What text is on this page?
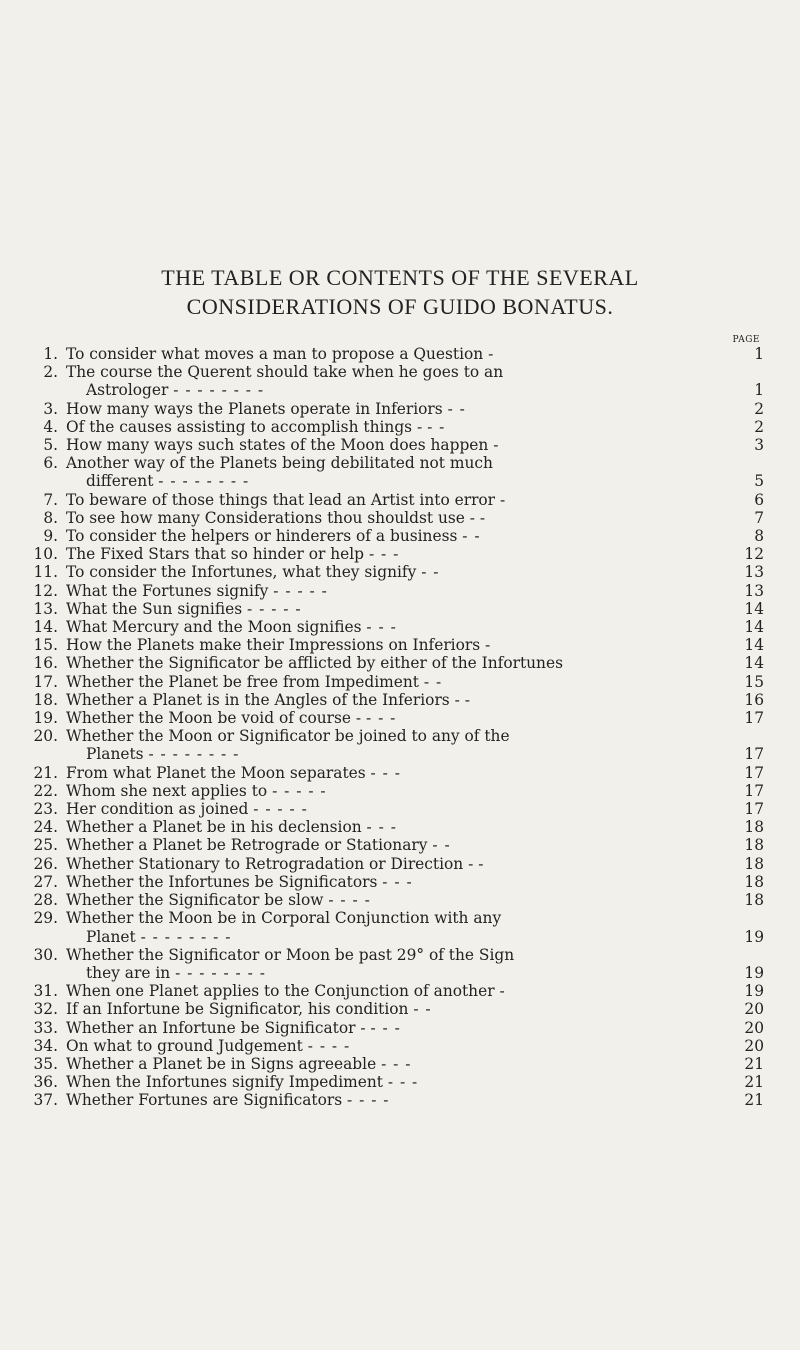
THE TABLE OR CONTENTS OF THE SEVERAL
CONSIDERATIONS OF GUIDO BONATUS.
PAGE
1. To consider what moves a man to propose a Question -	1
2. The course the Querent should take when he goes to an
Astrologer - - - - - - - -	1
3. How many ways the Planets operate in Inferiors - -	2
4. Of the causes assisting to accomplish things - - -	2
5. How many ways such states of the Moon does happen -	3
6. Another way of the Planets being debilitated not much
different - - - - - - - -	5
7. To beware of those things that lead an Artist into error -	6
8. To see how many Considerations thou shouldst use - -	7
9. To consider the helpers or hinderers of a business - -	8
10. The Fixed Stars that so hinder or help - - -	12
11. To consider the Infortunes, what they signify - -	13
12. What the Fortunes signify - - - - -	13
13. What the Sun signifies - - - - -	14
14. What Mercury and the Moon signifies - - -	14
15. How the Planets make their Impressions on Inferiors -	14
16. Whether the Significator be afflicted by either of the Infortunes	14
17. Whether the Planet be free from Impediment - -	15
18. Whether a Planet is in the Angles of the Inferiors - -	16
19. Whether the Moon be void of course - - - -	17
20. Whether the Moon or Significator be joined to any of the
Planets - - - - - - - -	17
21. From what Planet the Moon separates - - -	17
22. Whom she next applies to - - - - -	17
23. Her condition as joined - - - - -	17
24. Whether a Planet be in his declension - - -	18
25. Whether a Planet be Retrograde or Stationary - -	18
26. Whether Stationary to Retrogradation or Direction - -	18
27. Whether the Infortunes be Significators - - -	18
28. Whether the Significator be slow - - - -	18
29. Whether the Moon be in Corporal Conjunction with any
Planet - - - - - - - -	19
30. Whether the Significator or Moon be past 29° of the Sign
they are in - - - - - - - -	19
31. When one Planet applies to the Conjunction of another -	19
32. If an Infortune be Significator, his condition - -	20
33. Whether an Infortune be Significator - - - -	20
34. On what to ground Judgement - - - -	20
35. Whether a Planet be in Signs agreeable - - -	21
36. When the Infortunes signify Impediment - - -	21
37. Whether Fortunes are Significators - - - -	21
